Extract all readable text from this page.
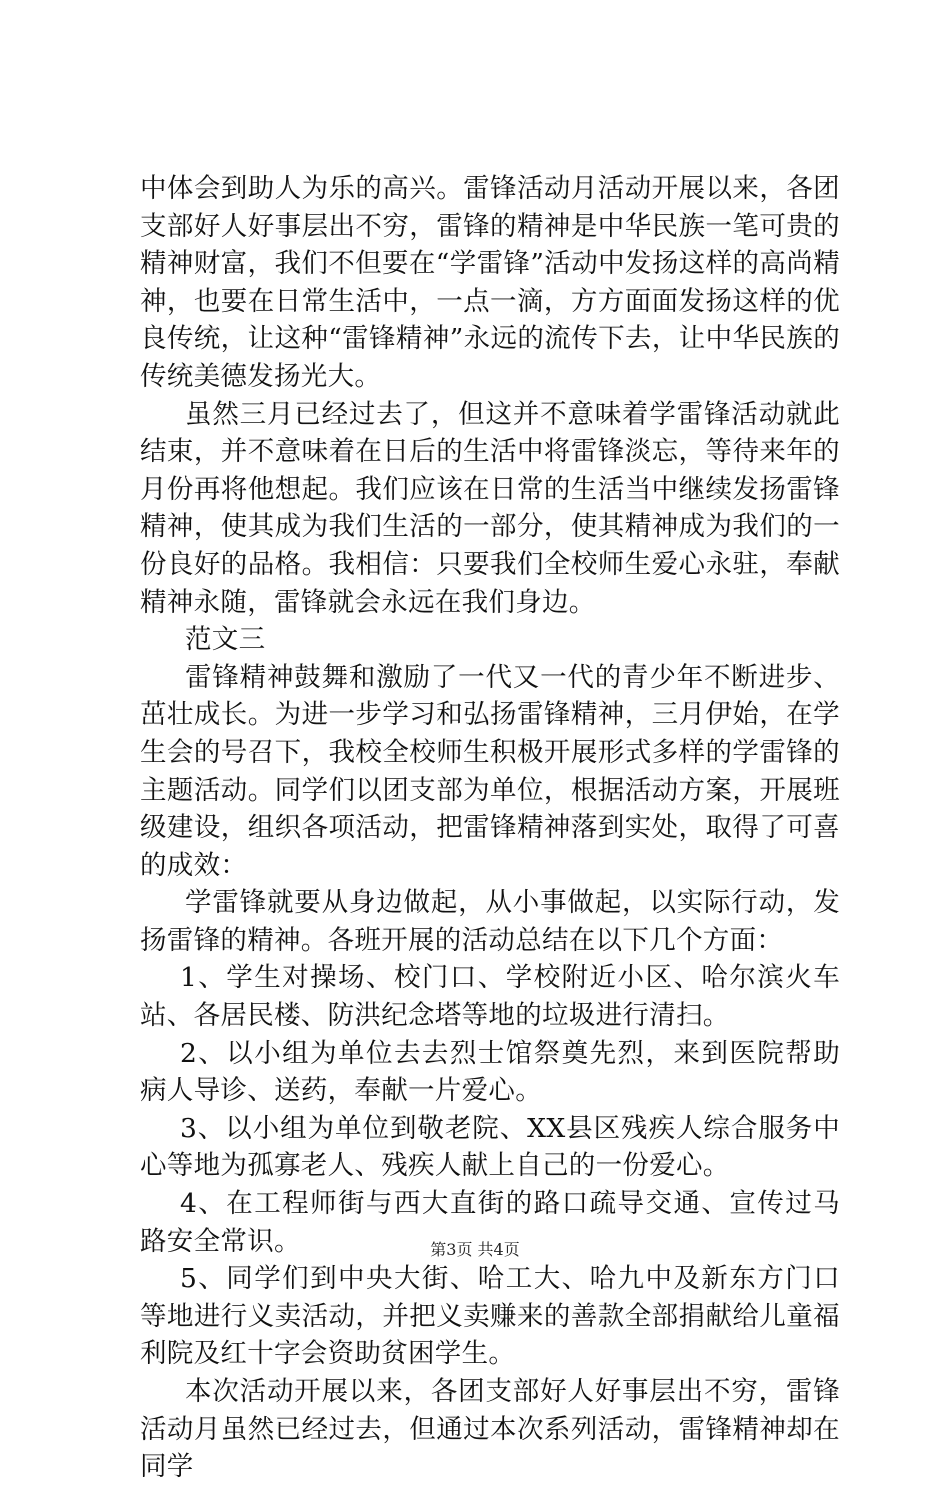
中体会到助人为乐的高兴。雷锋活动月活动开展以来，各团支部好人好事层出不穷，雷锋的精神是中华民族一笔可贵的精神财富，我们不但要在“学雷锋”活动中发扬这样的高尚精神，也要在日常生活中，一点一滴，方方面面发扬这样的优良传统，让这种“雷锋精神”永远的流传下去，让中华民族的传统美德发扬光大。

虽然三月已经过去了，但这并不意味着学雷锋活动就此结束，并不意味着在日后的生活中将雷锋淡忘，等待来年的月份再将他想起。我们应该在日常的生活当中继续发扬雷锋精神，使其成为我们生活的一部分，使其精神成为我们的一份良好的品格。我相信：只要我们全校师生爱心永驻，奉献精神永随，雷锋就会永远在我们身边。

范文三

雷锋精神鼓舞和激励了一代又一代的青少年不断进步、茁壮成长。为进一步学习和弘扬雷锋精神，三月伊始，在学生会的号召下，我校全校师生积极开展形式多样的学雷锋的主题活动。同学们以团支部为单位，根据活动方案，开展班级建设，组织各项活动，把雷锋精神落到实处，取得了可喜的成效：

学雷锋就要从身边做起，从小事做起，以实际行动，发扬雷锋的精神。各班开展的活动总结在以下几个方面：

1、学生对操场、校门口、学校附近小区、哈尔滨火车站、各居民楼、防洪纪念塔等地的垃圾进行清扫。

2、以小组为单位去去烈士馆祭奠先烈，来到医院帮助病人导诊、送药，奉献一片爱心。

3、以小组为单位到敬老院、XX县区残疾人综合服务中心等地为孤寡老人、残疾人献上自己的一份爱心。

4、在工程师街与西大直街的路口疏导交通、宣传过马路安全常识。

5、同学们到中央大街、哈工大、哈九中及新东方门口等地进行义卖活动，并把义卖赚来的善款全部捐献给儿童福利院及红十字会资助贫困学生。

本次活动开展以来，各团支部好人好事层出不穷，雷锋活动月虽然已经过去，但通过本次系列活动，雷锋精神却在同学

第3页 共4页
